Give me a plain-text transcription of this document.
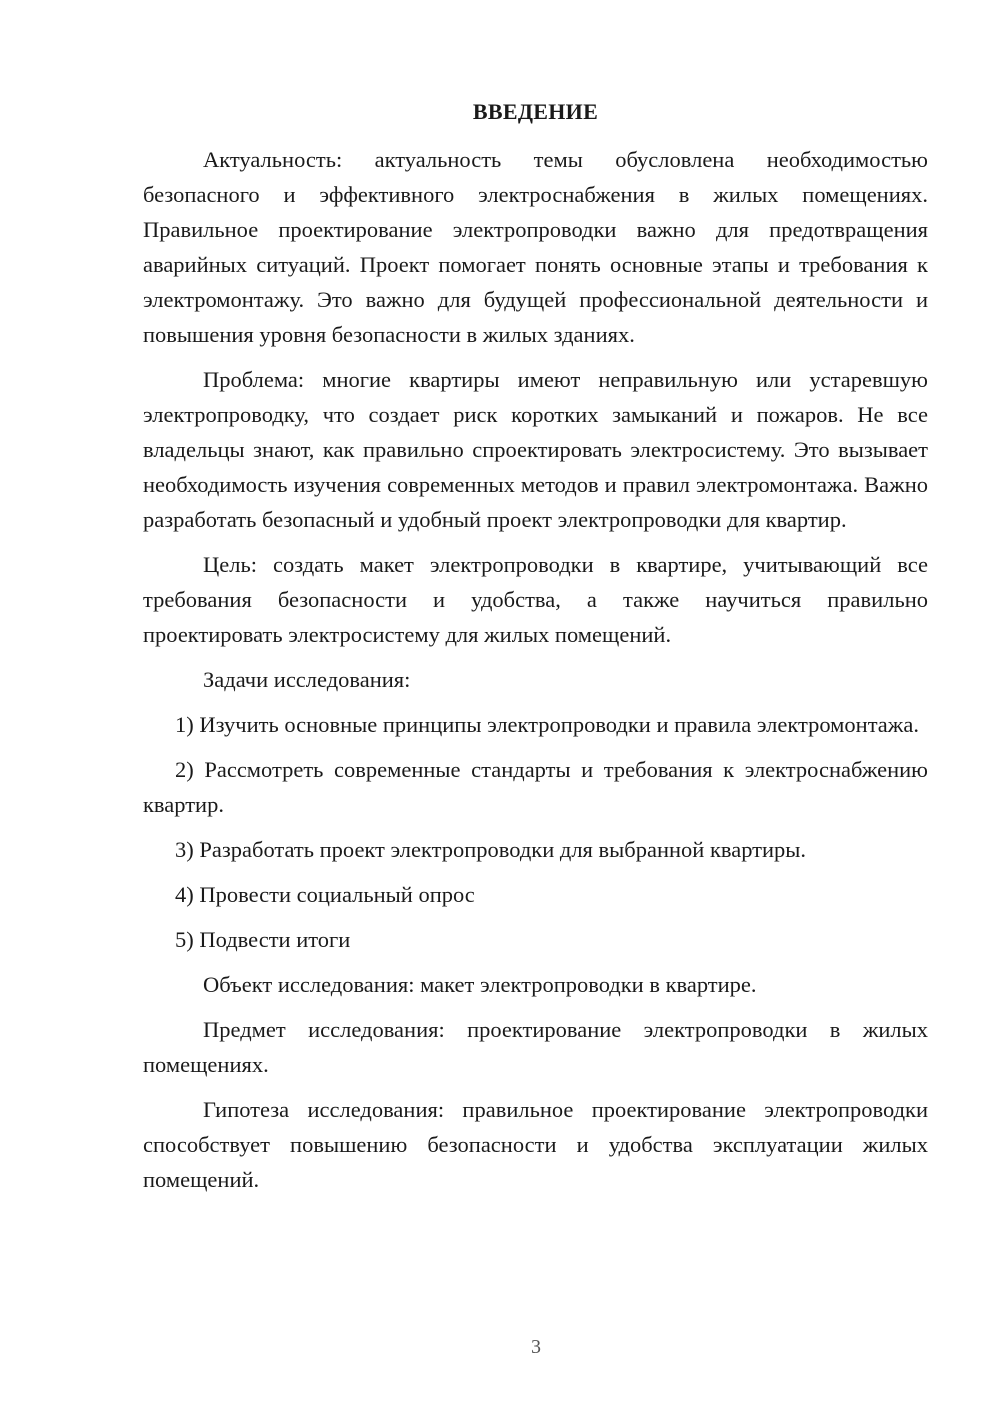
ВВЕДЕНИЕ

Актуальность: актуальность темы обусловлена необходимостью безопасного и эффективного электроснабжения в жилых помещениях. Правильное проектирование электропроводки важно для предотвращения аварийных ситуаций. Проект помогает понять основные этапы и требования к электромонтажу. Это важно для будущей профессиональной деятельности и повышения уровня безопасности в жилых зданиях.

Проблема: многие квартиры имеют неправильную или устаревшую электропроводку, что создает риск коротких замыканий и пожаров. Не все владельцы знают, как правильно спроектировать электросистему. Это вызывает необходимость изучения современных методов и правил электромонтажа. Важно разработать безопасный и удобный проект электропроводки для квартир.

Цель: создать макет электропроводки в квартире, учитывающий все требования безопасности и удобства, а также научиться правильно проектировать электросистему для жилых помещений.

Задачи исследования:

1) Изучить основные принципы электропроводки и правила электромонтажа.

2) Рассмотреть современные стандарты и требования к электроснабжению квартир.

3) Разработать проект электропроводки для выбранной квартиры.

4) Провести социальный опрос

5) Подвести итоги

Объект исследования: макет электропроводки в квартире.

Предмет исследования: проектирование электропроводки в жилых помещениях.

Гипотеза исследования: правильное проектирование электропроводки способствует повышению безопасности и удобства эксплуатации жилых помещений.

3
